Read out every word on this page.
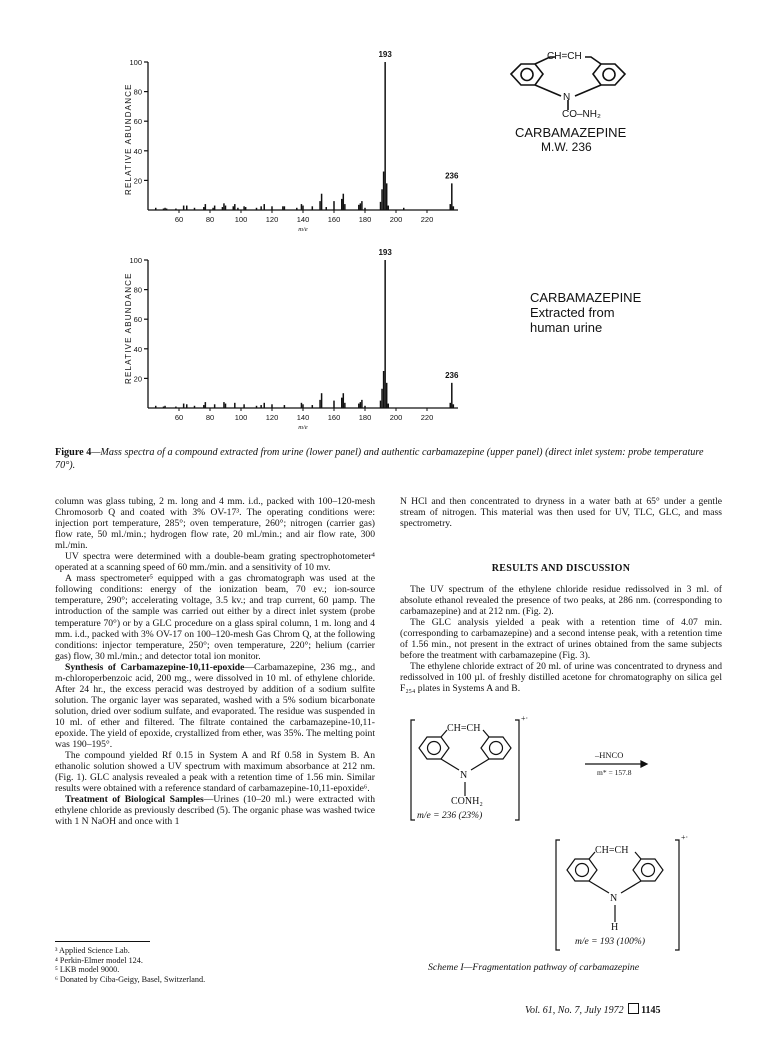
20
40
60
80
100
60	80	100 120 140 160 180 200 220
m/e
193
236
RELATIVE ABUNDANCE
20
40
60
80
100
60	80	100 120 140 160 180 200 220
m/e
193
236
RELATIVE ABUNDANCE
CH=CH
N
CO–NH₂
CARBAMAZEPINE
M.W. 236
CARBAMAZEPINE
Extracted from
human urine
Figure 4—Mass spectra of a compound extracted from urine (lower panel) and authentic carbamazepine (upper panel) (direct inlet system: probe temperature 70°).

column was glass tubing, 2 m. long and 4 mm. i.d., packed with 100–120-mesh Chromosorb Q and coated with 3% OV-17³. The operating conditions were: injection port temperature, 285°; oven temperature, 260°; nitrogen (carrier gas) flow rate, 50 ml./min.; hydrogen flow rate, 20 ml./min.; and air flow rate, 300 ml./min.

UV spectra were determined with a double-beam grating spectrophotometer⁴ operated at a scanning speed of 60 mm./min. and a sensitivity of 10 mv.

A mass spectrometer⁵ equipped with a gas chromatograph was used at the following conditions: energy of the ionization beam, 70 ev.; ion-source temperature, 290°; accelerating voltage, 3.5 kv.; and trap current, 60 µamp. The introduction of the sample was carried out either by a direct inlet system (probe temperature 70°) or by a GLC procedure on a glass spiral column, 1 m. long and 4 mm. i.d., packed with 3% OV-17 on 100–120-mesh Gas Chrom Q, at the following conditions: injector temperature, 250°; oven temperature, 220°; helium (carrier gas) flow, 30 ml./min.; and detector total ion monitor.

Synthesis of Carbamazepine-10,11-epoxide—Carbamazepine, 236 mg., and m-chloroperbenzoic acid, 200 mg., were dissolved in 10 ml. of ethylene chloride. After 24 hr., the excess peracid was destroyed by addition of a sodium sulfite solution. The organic layer was separated, washed with a 5% sodium bicarbonate solution, dried over sodium sulfate, and evaporated. The residue was suspended in 10 ml. of ether and filtered. The filtrate contained the carbamazepine-10,11-epoxide. The yield of epoxide, crystallized from ether, was 35%. The melting point was 190–195°.

The compound yielded Rf 0.15 in System A and Rf 0.58 in System B. An ethanolic solution showed a UV spectrum with maximum absorbance at 212 nm. (Fig. 1). GLC analysis revealed a peak with a retention time of 1.56 min. Similar results were obtained with a reference standard of carbamazepine-10,11-epoxide⁶.

Treatment of Biological Samples—Urines (10–20 ml.) were extracted with ethylene chloride as previously described (5). The organic phase was washed twice with 1 N NaOH and once with 1

³ Applied Science Lab.
⁴ Perkin-Elmer model 124.
⁵ LKB model 9000.
⁶ Donated by Ciba-Geigy, Basel, Switzerland.

N HCl and then concentrated to dryness in a water bath at 65° under a gentle stream of nitrogen. This material was then used for UV, TLC, GLC, and mass spectrometry.

RESULTS AND DISCUSSION

The UV spectrum of the ethylene chloride residue redissolved in 3 ml. of absolute ethanol revealed the presence of two peaks, at 286 nm. (corresponding to carbamazepine) and at 212 nm. (Fig. 2).

The GLC analysis yielded a peak with a retention time of 4.07 min. (corresponding to carbamazepine) and a second intense peak, with a retention time of 1.56 min., not present in the extract of urines obtained from the same subjects before the treatment with carbamazepine (Fig. 3).

The ethylene chloride extract of 20 ml. of urine was concentrated to dryness and redissolved in 100 µl. of freshly distilled acetone for chromatography on silica gel F₂₅₄ plates in Systems A and B.

+·
CH=CH
N
CONH₂
m/e = 236 (23%)
–HNCO
m* = 157.8
+·
CH=CH
N
H
m/e = 193 (100%)
Scheme I—Fragmentation pathway of carbamazepine
Vol. 61, No. 7, July 1972 1145
